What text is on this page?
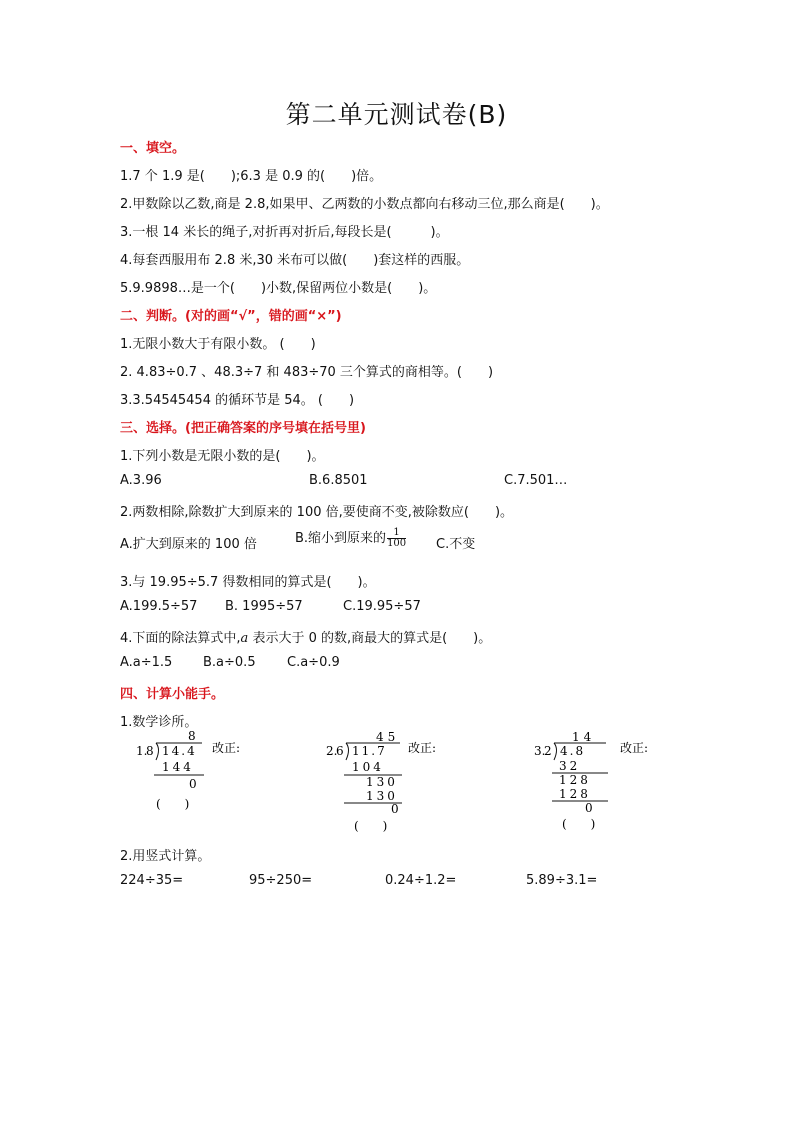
第二单元测试卷(B)
一、填空。
1.7 个 1.9 是(　　);6.3 是 0.9 的(　　)倍。
2.甲数除以乙数,商是 2.8,如果甲、乙两数的小数点都向右移动三位,那么商是(　　)。
3.一根 14 米长的绳子,对折再对折后,每段长是(　　　)。
4.每套西服用布 2.8 米,30 米布可以做(　　)套这样的西服。
5.9.9898…是一个(　　)小数,保留两位小数是(　　)。
二、判断。(对的画“√”，错的画“×”)
1.无限小数大于有限小数。 (　　)
2. 4.83÷0.7 、48.3÷7 和 483÷70 三个算式的商相等。(　　)
3.3.54545454 的循环节是 54。 (　　)
三、选择。(把正确答案的序号填在括号里)
1.下列小数是无限小数的是(　　)。
A.3.96	B.6.8501	C.7.501…
2.两数相除,除数扩大到原来的 100 倍,要使商不变,被除数应(　　)。
A.扩大到原来的 100 倍	B.缩小到原来的 $\frac{1}{100} C$.不变
3.与 19.95÷5.7 得数相同的算式是(　　)。
A.199.5÷57 B. 1995÷57	C.19.95÷57
4.下面的除法算式中,a 表示大于 0 的数,商最大的算式是(　　)。
A.a÷1.5 B.a÷0.5 C.a÷0.9
四、计算小能手。
1.数学诊所。
1.
8
8
14.4
144
0
(　　)
改正:	2.
6
45
11.7
104
130
130
0
(　　)
改正:	3.
2
14
4.8
32
128
128
0
(　　)
改正:
2.用竖式计算。
224÷35=	95÷250=	0.24÷1.2=	5.89÷3.1=
